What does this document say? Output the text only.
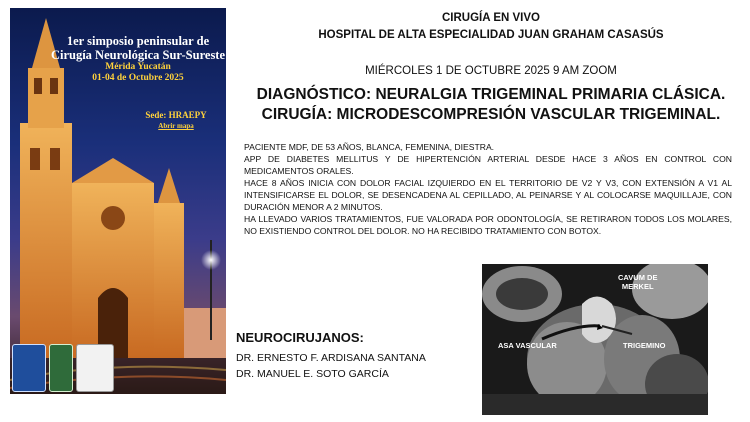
1er simposio peninsular de
Cirugía Neurológica Sur-Sureste
Mérida Yucatán
01-04 de Octubre 2025
Sede: HRAEPY
Abrir mapa
CIRUGÍA EN VIVO
HOSPITAL DE ALTA ESPECIALIDAD JUAN GRAHAM CASASÚS
MIÉRCOLES 1 DE OCTUBRE 2025 9 AM ZOOM
DIAGNÓSTICO: NEURALGIA TRIGEMINAL PRIMARIA CLÁSICA.
CIRUGÍA: MICRODESCOMPRESIÓN VASCULAR TRIGEMINAL.

PACIENTE MDF, DE 53 AÑOS, BLANCA, FEMENINA, DIESTRA.

APP DE DIABETES MELLITUS Y DE HIPERTENCIÓN ARTERIAL DESDE HACE 3 AÑOS EN CONTROL CON MEDICAMENTOS ORALES.

HACE 8 AÑOS INICIA CON DOLOR FACIAL IZQUIERDO EN EL TERRITORIO DE V2 Y V3, CON EXTENSIÓN A V1 AL INTENSIFICARSE EL DOLOR, SE DESENCADENA AL CEPILLADO, AL PEINARSE Y AL COLOCARSE MAQUILLAJE, CON DURACIÓN MENOR A 2 MINUTOS.

HA LLEVADO VARIOS TRATAMIENTOS, FUE VALORADA POR ODONTOLOGÍA, SE RETIRARON TODOS LOS MOLARES, NO EXISTIENDO CONTROL DEL DOLOR. NO HA RECIBIDO TRATAMIENTO CON BOTOX.

NEUROCIRUJANOS:
DR. ERNESTO F. ARDISANA SANTANA
DR. MANUEL E. SOTO GARCÍA
CAVUM DE
MERKEL
ASA VASCULAR	TRIGEMINO
